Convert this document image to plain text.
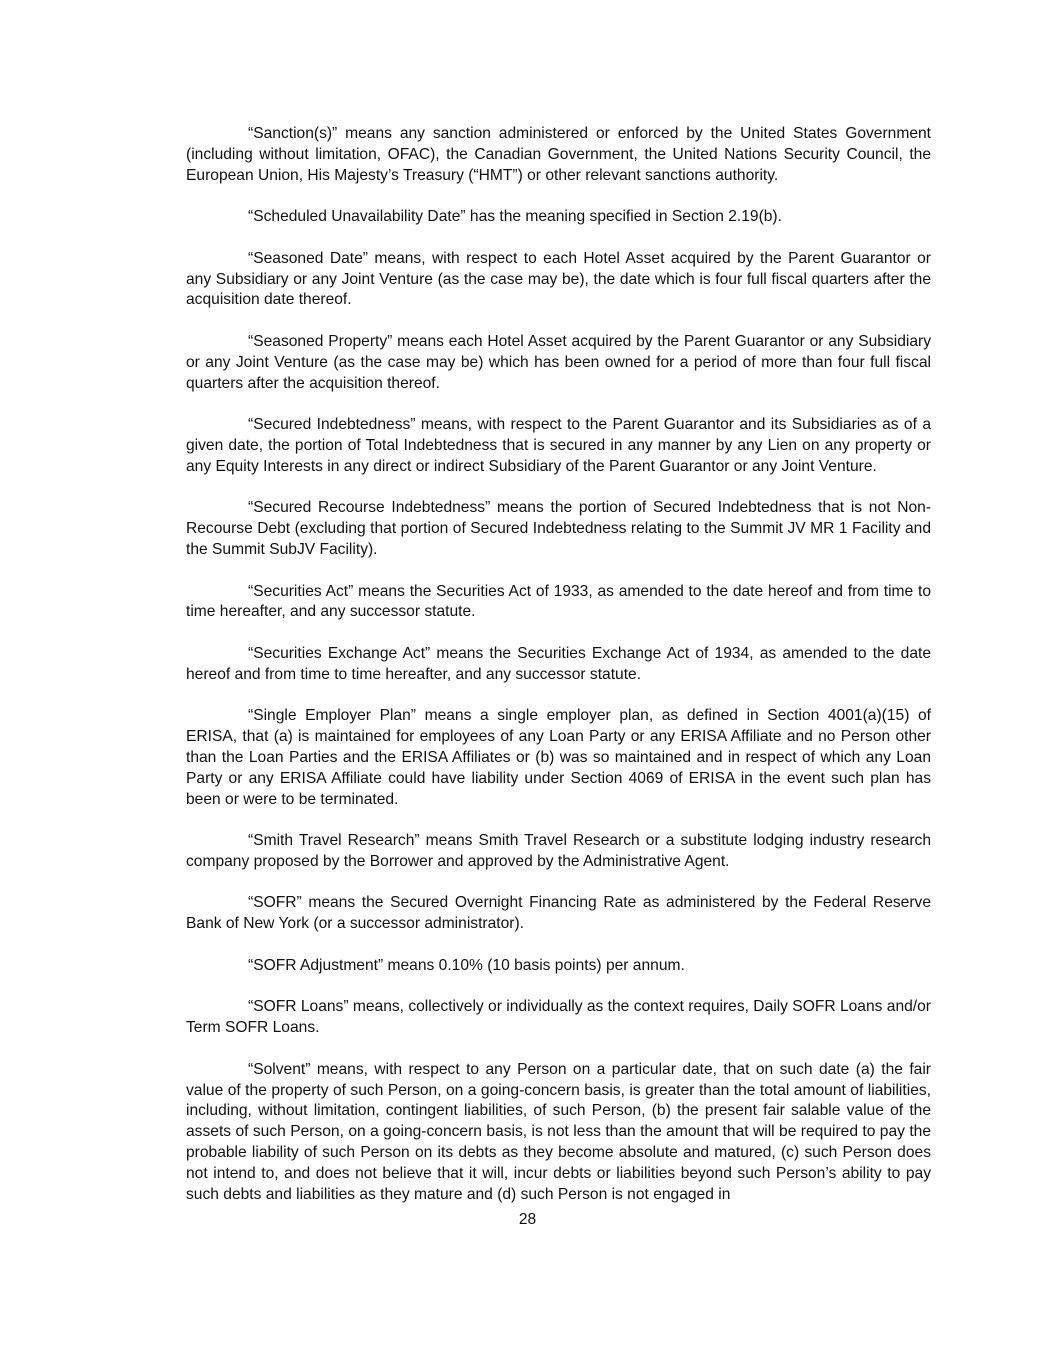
“Sanction(s)” means any sanction administered or enforced by the United States Government (including without limitation, OFAC), the Canadian Government, the United Nations Security Council, the European Union, His Majesty’s Treasury (“HMT”) or other relevant sanctions authority.

“Scheduled Unavailability Date” has the meaning specified in Section 2.19(b).

“Seasoned Date” means, with respect to each Hotel Asset acquired by the Parent Guarantor or any Subsidiary or any Joint Venture (as the case may be), the date which is four full fiscal quarters after the acquisition date thereof.

“Seasoned Property” means each Hotel Asset acquired by the Parent Guarantor or any Subsidiary or any Joint Venture (as the case may be) which has been owned for a period of more than four full fiscal quarters after the acquisition thereof.

“Secured Indebtedness” means, with respect to the Parent Guarantor and its Subsidiaries as of a given date, the portion of Total Indebtedness that is secured in any manner by any Lien on any property or any Equity Interests in any direct or indirect Subsidiary of the Parent Guarantor or any Joint Venture.

“Secured Recourse Indebtedness” means the portion of Secured Indebtedness that is not Non-Recourse Debt (excluding that portion of Secured Indebtedness relating to the Summit JV MR 1 Facility and the Summit SubJV Facility).

“Securities Act” means the Securities Act of 1933, as amended to the date hereof and from time to time hereafter, and any successor statute.

“Securities Exchange Act” means the Securities Exchange Act of 1934, as amended to the date hereof and from time to time hereafter, and any successor statute.

“Single Employer Plan” means a single employer plan, as defined in Section 4001(a)(15) of ERISA, that (a) is maintained for employees of any Loan Party or any ERISA Affiliate and no Person other than the Loan Parties and the ERISA Affiliates or (b) was so maintained and in respect of which any Loan Party or any ERISA Affiliate could have liability under Section 4069 of ERISA in the event such plan has been or were to be terminated.

“Smith Travel Research” means Smith Travel Research or a substitute lodging industry research company proposed by the Borrower and approved by the Administrative Agent.

“SOFR” means the Secured Overnight Financing Rate as administered by the Federal Reserve Bank of New York (or a successor administrator).

“SOFR Adjustment” means 0.10% (10 basis points) per annum.

“SOFR Loans” means, collectively or individually as the context requires, Daily SOFR Loans and/or Term SOFR Loans.

“Solvent” means, with respect to any Person on a particular date, that on such date (a) the fair value of the property of such Person, on a going-concern basis, is greater than the total amount of liabilities, including, without limitation, contingent liabilities, of such Person, (b) the present fair salable value of the assets of such Person, on a going-concern basis, is not less than the amount that will be required to pay the probable liability of such Person on its debts as they become absolute and matured, (c) such Person does not intend to, and does not believe that it will, incur debts or liabilities beyond such Person’s ability to pay such debts and liabilities as they mature and (d) such Person is not engaged in

28
